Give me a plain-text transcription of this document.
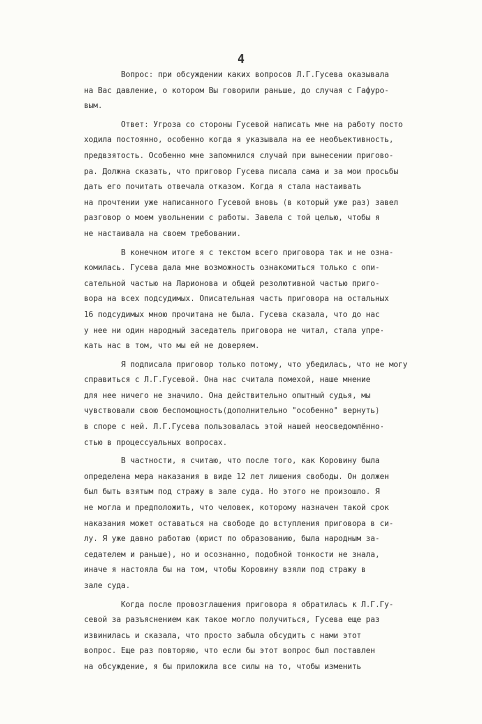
4
Вопрос: при обсуждении каких вопросов Л.Г.Гусева оказывала
на Вас давление, о котором Вы говорили раньше, до случая с Гафуро-
вым.
Ответ: Угроза со стороны Гусевой написать мне на работу посто
ходила постоянно, особенно когда я указывала на ее необъективность,
предвзятость. Особенно мне запомнился случай при вынесении пригово-
ра. Должна сказать, что приговор Гусева писала сама и за мои просьбы
дать его почитать отвечала отказом. Когда я стала настаивать
на прочтении уже написанного Гусевой вновь (в который уже раз) завел
разговор о моем увольнении с работы. Завела с той целью, чтобы я
не настаивала на своем требовании.
В конечном итоге я с текстом всего приговора так и не озна-
комилась. Гусева дала мне возможность ознакомиться только с опи-
сательной частью на Ларионова и общей резолютивной частью приго-
вора на всех подсудимых. Описательная часть приговора на остальных
16 подсудимых мною прочитана не была. Гусева сказала, что до нас
у нее ни один народный заседатель приговора не читал, стала упре-
кать нас в том, что мы ей не доверяем.
Я подписала приговор только потому, что убедилась, что не могу
справиться с Л.Г.Гусевой. Она нас считала помехой, наше мнение
для нее ничего не значило. Она действительно опытный судья, мы
чувствовали свою беспомощность(дополнительно "особенно" вернуть)
в споре с ней. Л.Г.Гусева пользовалась этой нашей неосведомлённо-
стью в процессуальных вопросах.
В частности, я считаю, что после того, как Коровину была
определена мера наказания в виде 12 лет лишения свободы. Он должен
был быть взятым под стражу в зале суда. Но этого не произошло. Я
не могла и предположить, что человек, которому назначен такой срок
наказания может оставаться на свободе до вступления приговора в си-
лу. Я уже давно работаю (юрист по образованию, была народным за-
седателем и раньше), но и осознанно, подобной тонкости не знала,
иначе я настояла бы на том, чтобы Коровину взяли под стражу в
зале суда.
Когда после провозглашения приговора я обратилась к Л.Г.Гу-
севой за разъяснением как такое могло получиться, Гусева еще раз
извинилась и сказала, что просто забыла обсудить с нами этот
вопрос. Еще раз повторяю, что если бы этот вопрос был поставлен
на обсуждение, я бы приложила все силы на то, чтобы изменить
